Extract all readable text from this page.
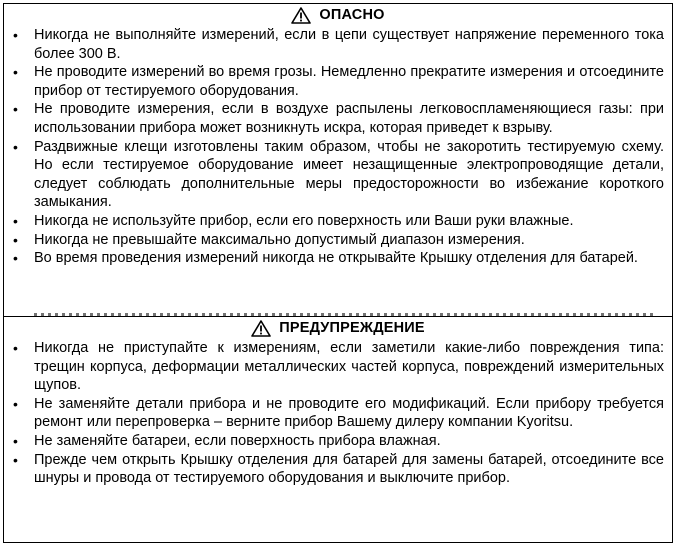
ОПАСНО
• Никогда не выполняйте измерений, если в цепи существует напряжение переменного тока более 300 В.
• Не проводите измерений во время грозы. Немедленно прекратите измерения и отсоедините прибор от тестируемого оборудования.
• Не проводите измерения, если в воздухе распылены легковоспламеняющиеся газы: при использовании прибора может возникнуть искра, которая приведет к взрыву.
• Раздвижные клещи изготовлены таким образом, чтобы не закоротить тестируемую схему. Но если тестируемое оборудование имеет незащищенные электропроводящие детали, следует соблюдать дополнительные меры предосторожности во избежание короткого замыкания.
• Никогда не используйте прибор, если его поверхность или Ваши руки влажные.
• Никогда не превышайте максимально допустимый диапазон измерения.
• Во время проведения измерений никогда не открывайте Крышку отделения для батарей.
ПРЕДУПРЕЖДЕНИЕ
• Никогда не приступайте к измерениям, если заметили какие-либо повреждения типа: трещин корпуса, деформации металлических частей корпуса, повреждений измерительных щупов.
• Не заменяйте детали прибора и не проводите его модификаций. Если прибору требуется ремонт или перепроверка – верните прибор Вашему дилеру компании Kyoritsu.
• Не заменяйте батареи, если поверхность прибора влажная.
• Прежде чем открыть Крышку отделения для батарей для замены батарей, отсоедините все шнуры и провода от тестируемого оборудования и выключите прибор.
